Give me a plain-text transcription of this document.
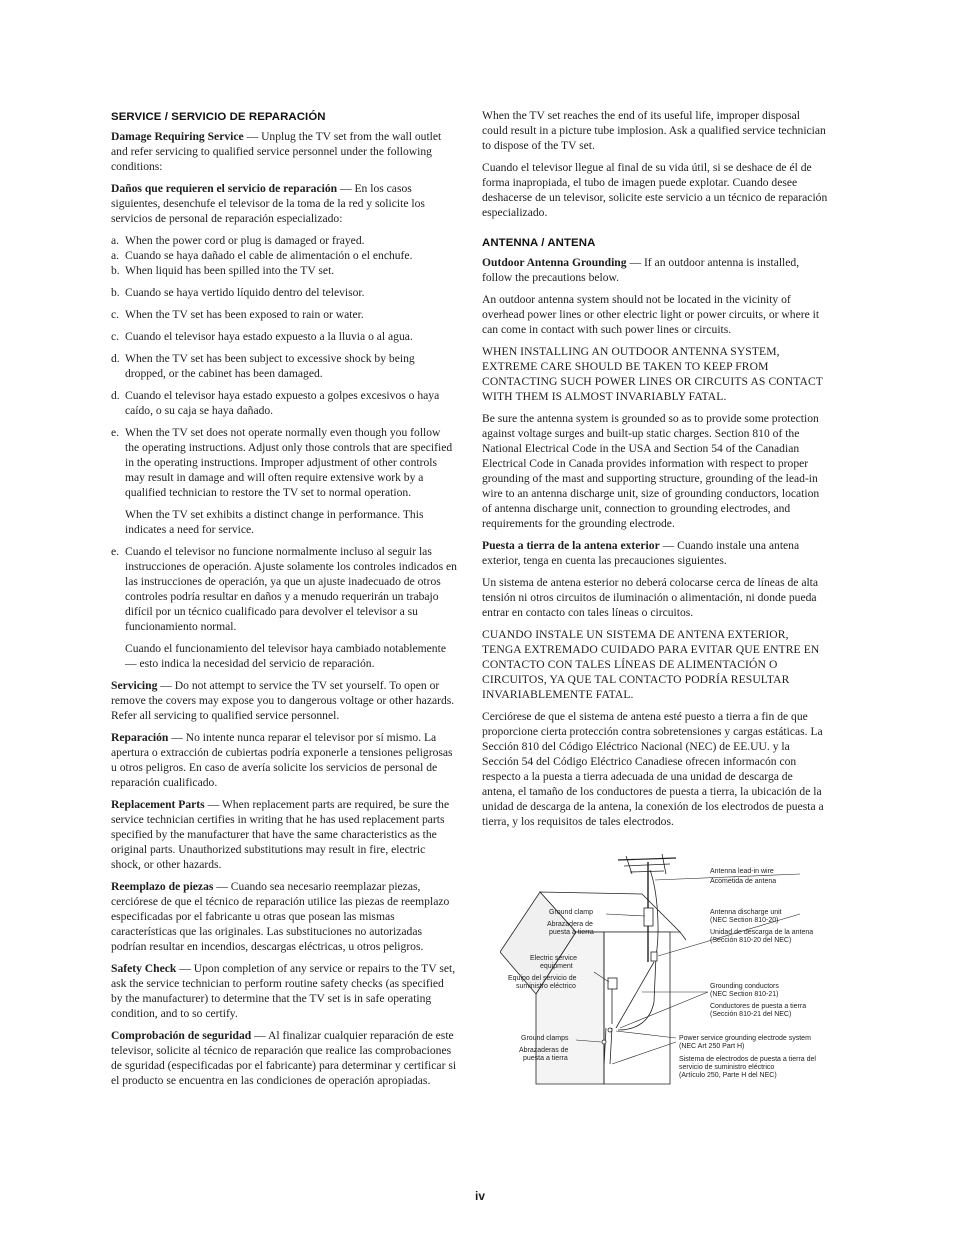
SERVICE / SERVICIO DE REPARACIÓN

Damage Requiring Service — Unplug the TV set from the wall outlet and refer servicing to qualified service personnel under the following conditions:

Daños que requieren el servicio de reparación — En los casos siguientes, desenchufe el televisor de la toma de la red y solicite los servicios de personal de reparación especializado:

a. When the power cord or plug is damaged or frayed.
a. Cuando se haya dañado el cable de alimentación o el enchufe.
b. When liquid has been spilled into the TV set.
b. Cuando se haya vertido líquido dentro del televisor.
c. When the TV set has been exposed to rain or water.
c. Cuando el televisor haya estado expuesto a la lluvia o al agua.
d. When the TV set has been subject to excessive shock by being dropped, or the cabinet has been damaged.
d. Cuando el televisor haya estado expuesto a golpes excesivos o haya caído, o su caja se haya dañado.
e. When the TV set does not operate normally even though you follow the operating instructions. Adjust only those controls that are specified in the operating instructions. Improper adjustment of other controls may result in damage and will often require extensive work by a qualified technician to restore the TV set to normal operation.

When the TV set exhibits a distinct change in performance. This indicates a need for service.

e. Cuando el televisor no funcione normalmente incluso al seguir las instrucciones de operación. Ajuste solamente los controles indicados en las instrucciones de operación, ya que un ajuste inadecuado de otros controles podría resultar en daños y a menudo requerirán un trabajo difícil por un técnico cualificado para devolver el televisor a su funcionamiento normal.

Cuando el funcionamiento del televisor haya cambiado notablemente — esto indica la necesidad del servicio de reparación.

Servicing — Do not attempt to service the TV set yourself. To open or remove the covers may expose you to dangerous voltage or other hazards. Refer all servicing to qualified service personnel.

Reparación — No intente nunca reparar el televisor por sí mismo. La apertura o extracción de cubiertas podría exponerle a tensiones peligrosas u otros peligros. En caso de avería solicite los servicios de personal de reparación cualificado.

Replacement Parts — When replacement parts are required, be sure the service technician certifies in writing that he has used replacement parts specified by the manufacturer that have the same characteristics as the original parts. Unauthorized substitutions may result in fire, electric shock, or other hazards.

Reemplazo de piezas — Cuando sea necesario reemplazar piezas, cerciórese de que el técnico de reparación utilice las piezas de reemplazo especificadas por el fabricante u otras que posean las mismas características que las originales. Las substituciones no autorizadas podrían resultar en incendios, descargas eléctricas, u otros peligros.

Safety Check — Upon completion of any service or repairs to the TV set, ask the service technician to perform routine safety checks (as specified by the manufacturer) to determine that the TV set is in safe operating condition, and to so certify.

Comprobación de seguridad — Al finalizar cualquier reparación de este televisor, solicite al técnico de reparación que realice las comprobaciones de sguridad (especificadas por el fabricante) para determinar y certificar si el producto se encuentra en las condiciones de operación apropiadas.

When the TV set reaches the end of its useful life, improper disposal could result in a picture tube implosion. Ask a qualified service technician to dispose of the TV set.

Cuando el televisor llegue al final de su vida útil, si se deshace de él de forma inapropiada, el tubo de imagen puede explotar. Cuando desee deshacerse de un televisor, solicite este servicio a un técnico de reparación especializado.

ANTENNA / ANTENA

Outdoor Antenna Grounding — If an outdoor antenna is installed, follow the precautions below.

An outdoor antenna system should not be located in the vicinity of overhead power lines or other electric light or power circuits, or where it can come in contact with such power lines or circuits.

WHEN INSTALLING AN OUTDOOR ANTENNA SYSTEM, EXTREME CARE SHOULD BE TAKEN TO KEEP FROM CONTACTING SUCH POWER LINES OR CIRCUITS AS CONTACT WITH THEM IS ALMOST INVARIABLY FATAL.

Be sure the antenna system is grounded so as to provide some protection against voltage surges and built-up static charges. Section 810 of the National Electrical Code in the USA and Section 54 of the Canadian Electrical Code in Canada provides information with respect to proper grounding of the mast and supporting structure, grounding of the lead-in wire to an antenna discharge unit, size of grounding conductors, location of antenna discharge unit, connection to grounding electrodes, and requirements for the grounding electrode.

Puesta a tierra de la antena exterior — Cuando instale una antena exterior, tenga en cuenta las precauciones siguientes.

Un sistema de antena esterior no deberá colocarse cerca de líneas de alta tensión ni otros circuitos de iluminación o alimentación, ni donde pueda entrar en contacto con tales líneas o circuitos.

CUANDO INSTALE UN SISTEMA DE ANTENA EXTERIOR, TENGA EXTREMADO CUIDADO PARA EVITAR QUE ENTRE EN CONTACTO CON TALES LÍNEAS DE ALIMENTACIÓN O CIRCUITOS, YA QUE TAL CONTACTO PODRÍA RESULTAR INVARIABLEMENTE FATAL.

Cerciórese de que el sistema de antena esté puesto a tierra a fin de que proporcione cierta protección contra sobretensiones y cargas estáticas. La Sección 810 del Código Eléctrico Nacional (NEC) de EE.UU. y la Sección 54 del Código Eléctrico Canadiese ofrecen informacón con respecto a la puesta a tierra adecuada de una unidad de descarga de antena, el tamaño de los conductores de puesta a tierra, la ubicación de la unidad de descarga de la antena, la conexión de los electrodos de puesta a tierra, y los requisitos de tales electrodos.

Antenna lead-in wire
Acometida de antena
Antenna discharge unit
(NEC Section 810-20)
Unidad de descarga de la antena
(Sección 810-20 del NEC)
Ground clamp
Abrazadera de
puesta a tierra
Electric service
equipment
Equipo del servicio de
suministro eléctrico	Grounding conductors
(NEC Section 810-21)
Conductores de puesta a tierra
(Sección 810-21 del NEC)
Ground clamps
Abrazaderas de
puesta a tierra
Power service grounding electrode system
(NEC Art 250 Part H)
Sistema de electrodos de puesta a tierra del
servicio de suministro eléctrico
(Artículo 250, Parte H del NEC)
iv
